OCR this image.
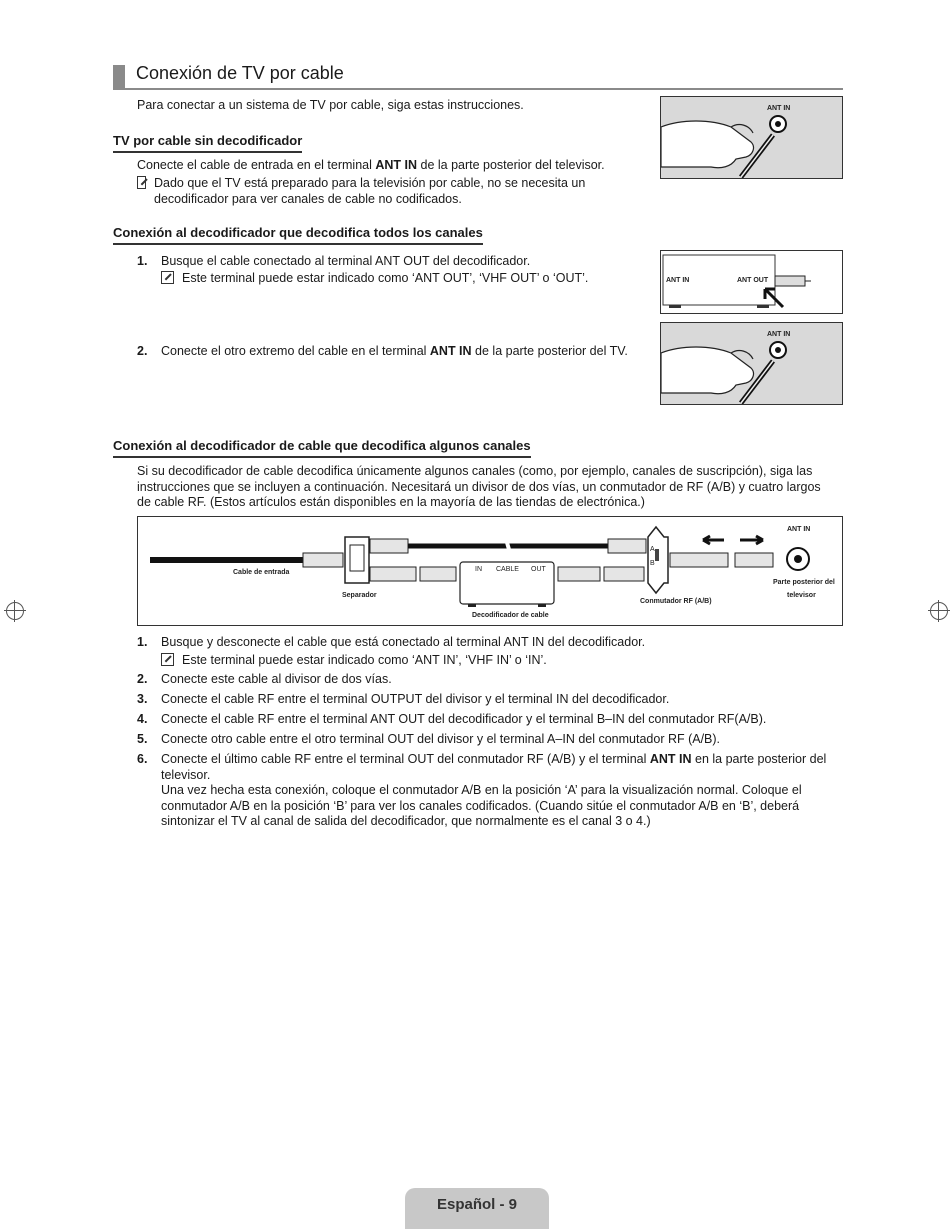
Conexión de TV por cable
Para conectar a un sistema de TV por cable, siga estas instrucciones.
TV por cable sin decodificador
Conecte el cable de entrada en el terminal ANT IN de la parte posterior del televisor.
Dado que el TV está preparado para la televisión por cable, no se necesita un decodificador para ver canales de cable no codificados.
ANT IN
Conexión al decodificador que decodifica todos los canales
1. Busque el cable conectado al terminal ANT OUT del decodificador.
Este terminal puede estar indicado como ‘ANT OUT’, ‘VHF OUT’ o ‘OUT’.
2. Conecte el otro extremo del cable en el terminal ANT IN de la parte posterior del TV.
ANT IN	ANT OUT
ANT IN
Conexión al decodificador de cable que decodifica algunos canales
Si su decodificador de cable decodifica únicamente algunos canales (como, por ejemplo, canales de suscripción), siga las instrucciones que se incluyen a continuación. Necesitará un divisor de dos vías, un conmutador de RF (A/B) y cuatro largos de cable RF. (Estos artículos están disponibles en la mayoría de las tiendas de electrónica.)
Cable de entrada
Separador
IN CABLE OUT
Decodificador de cable
A
B
Conmutador RF (A/B)
ANT IN
Parte posterior del
televisor
1. Busque y desconecte el cable que está conectado al terminal ANT IN del decodificador.
Este terminal puede estar indicado como ‘ANT IN’, ‘VHF IN’ o ‘IN’.
2. Conecte este cable al divisor de dos vías.
3. Conecte el cable RF entre el terminal OUTPUT del divisor y el terminal IN del decodificador.
4. Conecte el cable RF entre el terminal ANT OUT del decodificador y el terminal B–IN del conmutador RF(A/B).
5. Conecte otro cable entre el otro terminal OUT del divisor y el terminal A–IN del conmutador RF (A/B).
6.	Conecte el último cable RF entre el terminal OUT del conmutador RF (A/B) y el terminal ANT IN en la parte posterior del televisor.
Una vez hecha esta conexión, coloque el conmutador A/B en la posición ‘A’ para la visualización normal. Coloque el conmutador A/B en la posición ‘B’ para ver los canales codificados. (Cuando sitúe el conmutador A/B en ‘B’, deberá sintonizar el TV al canal de salida del decodificador, que normalmente es el canal 3 o 4.)
Español - 9
